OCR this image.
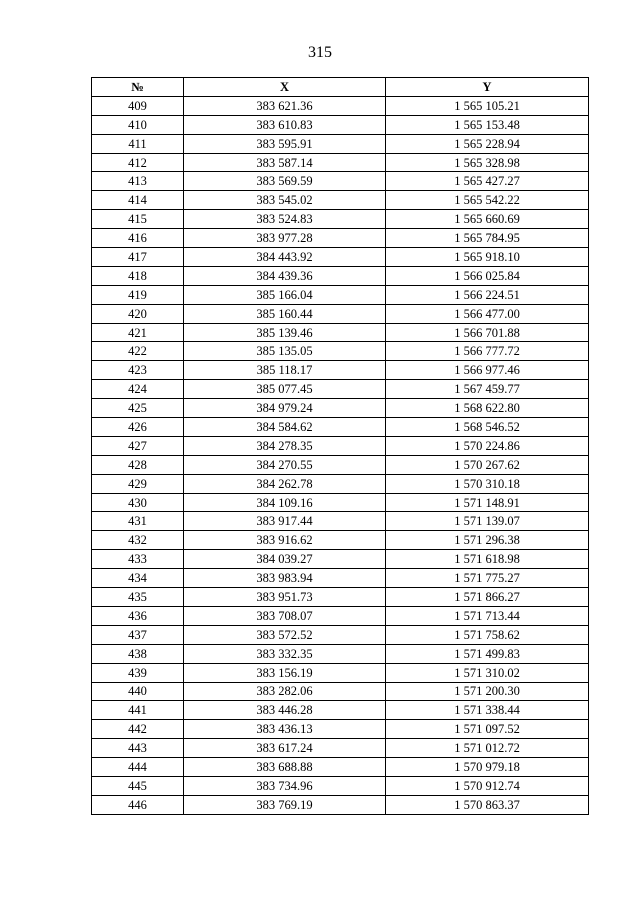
315
№	X	Y
409	383 621.36	1 565 105.21
410	383 610.83	1 565 153.48
411	383 595.91	1 565 228.94
412	383 587.14	1 565 328.98
413	383 569.59	1 565 427.27
414	383 545.02	1 565 542.22
415	383 524.83	1 565 660.69
416	383 977.28	1 565 784.95
417	384 443.92	1 565 918.10
418	384 439.36	1 566 025.84
419	385 166.04	1 566 224.51
420	385 160.44	1 566 477.00
421	385 139.46	1 566 701.88
422	385 135.05	1 566 777.72
423	385 118.17	1 566 977.46
424	385 077.45	1 567 459.77
425	384 979.24	1 568 622.80
426	384 584.62	1 568 546.52
427	384 278.35	1 570 224.86
428	384 270.55	1 570 267.62
429	384 262.78	1 570 310.18
430	384 109.16	1 571 148.91
431	383 917.44	1 571 139.07
432	383 916.62	1 571 296.38
433	384 039.27	1 571 618.98
434	383 983.94	1 571 775.27
435	383 951.73	1 571 866.27
436	383 708.07	1 571 713.44
437	383 572.52	1 571 758.62
438	383 332.35	1 571 499.83
439	383 156.19	1 571 310.02
440	383 282.06	1 571 200.30
441	383 446.28	1 571 338.44
442	383 436.13	1 571 097.52
443	383 617.24	1 571 012.72
444	383 688.88	1 570 979.18
445	383 734.96	1 570 912.74
446	383 769.19	1 570 863.37
